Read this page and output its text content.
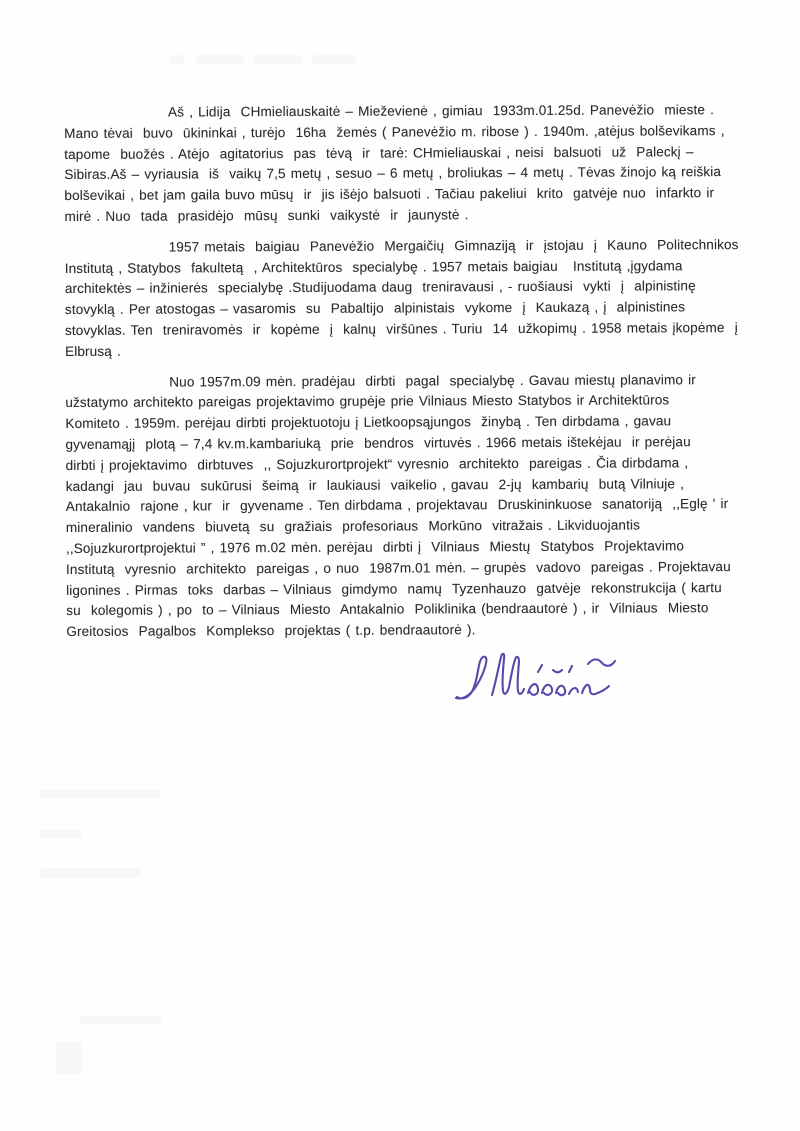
Aš , Lidija  CHmieliauskaitė – Mieževienė , gimiau  1933m.01.25d. Panevėžio  mieste .
Mano tėvai  buvo  ūkininkai , turėjo  16ha  žemės ( Panevėžio m. ribose ) . 1940m. ,atėjus bolševikams ,
tapome  buožės . Atėjo  agitatorius  pas  tėvą  ir  tarė: CHmieliauskai , neisi  balsuoti  už  Paleckį –
Sibiras.Aš – vyriausia  iš  vaikų 7,5 metų , sesuo – 6 metų , broliukas – 4 metų . Tėvas žinojo ką reiškia
bolševikai , bet jam gaila buvo mūsų  ir  jis išėjo balsuoti . Tačiau pakeliui  krito  gatvėje nuo  infarkto ir
mirė . Nuo  tada  prasidėjo  mūsų  sunki  vaikystė  ir  jaunystė .
1957 metais  baigiau  Panevėžio  Mergaičių  Gimnaziją  ir  įstojau  į  Kauno  Politechnikos
Institutą , Statybos  fakultetą  , Architektūros  specialybę . 1957 metais baigiau   Institutą ,įgydama
architektės – inžinierės  specialybę .Studijuodama daug  treniravausi , - ruošiausi  vykti  į  alpinistinę
stovyklą . Per atostogas – vasaromis  su  Pabaltijo  alpinistais  vykome  į  Kaukazą , į  alpinistines
stovyklas. Ten  treniravomės  ir  kopėme  į  kalnų  viršūnes . Turiu  14  užkopimų . 1958 metais įkopėme  į
Elbrusą .
Nuo 1957m.09 mėn. pradėjau  dirbti  pagal  specialybę . Gavau miestų planavimo ir
užstatymo architekto pareigas projektavimo grupėje prie Vilniaus Miesto Statybos ir Architektūros
Komiteto . 1959m. perėjau dirbti projektuotoju į Lietkoopsąjungos  žinybą . Ten dirbdama , gavau
gyvenamąjį  plotą – 7,4 kv.m.kambariuką  prie  bendros  virtuvės . 1966 metais ištekėjau  ir perėjau
dirbti į projektavimo  dirbtuves  ,, Sojuzkurortprojekt“ vyresnio  architekto  pareigas . Čia dirbdama ,
kadangi  jau  buvau  sukūrusi  šeimą  ir  laukiausi  vaikelio , gavau  2-jų  kambarių  butą Vilniuje ,
Antakalnio  rajone , kur  ir  gyvename . Ten dirbdama , projektavau  Druskininkuose  sanatoriją  ,,Eglę ' ir
mineralinio  vandens  biuvetą  su  gražiais  profesoriaus  Morkūno  vitražais . Likviduojantis
,,Sojuzkurortprojektui ” , 1976 m.02 mėn. perėjau  dirbti į  Vilniaus  Miestų  Statybos  Projektavimo
Institutą  vyresnio  architekto  pareigas , o nuo  1987m.01 mėn. – grupės  vadovo  pareigas . Projektavau
ligonines . Pirmas  toks  darbas – Vilniaus  gimdymo  namų  Tyzenhauzo  gatvėje  rekonstrukcija ( kartu
su  kolegomis ) , po  to – Vilniaus  Miesto  Antakalnio  Poliklinika (bendraautorė ) , ir  Vilniaus  Miesto
Greitosios  Pagalbos  Komplekso  projektas ( t.p. bendraautorė ).
